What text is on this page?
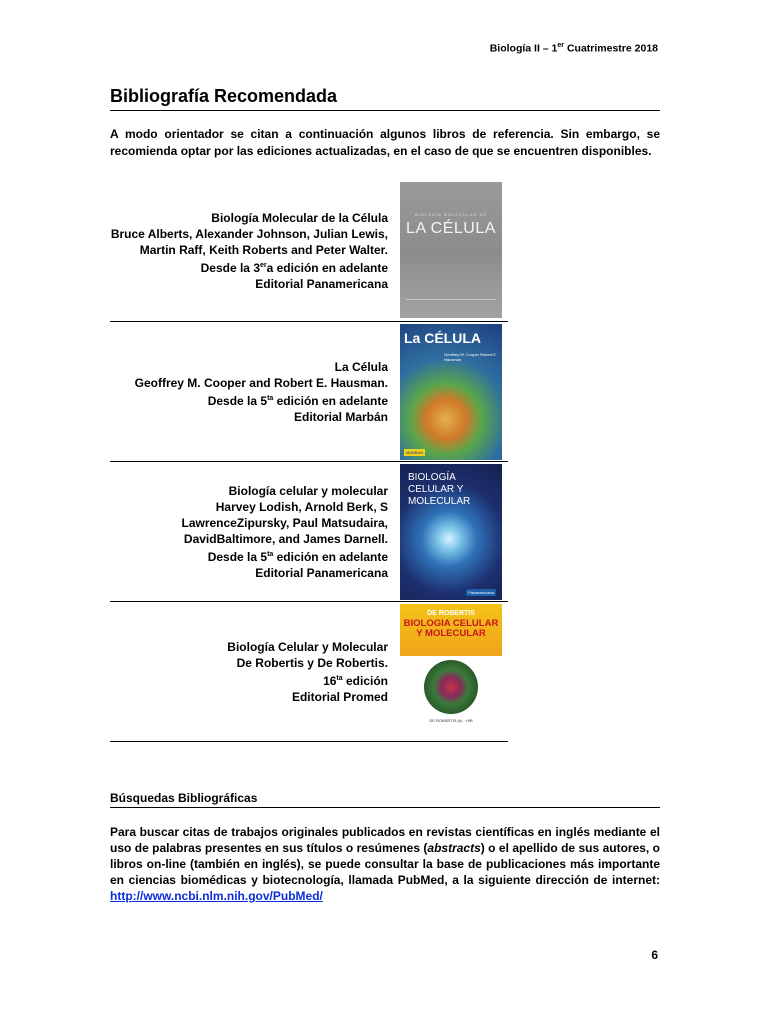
Biología II – 1er Cuatrimestre 2018
Bibliografía Recomendada
A modo orientador se citan a continuación algunos libros de referencia. Sin embargo, se recomienda optar por las ediciones actualizadas, en el caso de que se encuentren disponibles.
Biología Molecular de la Célula
Bruce Alberts, Alexander Johnson, Julian Lewis, Martin Raff, Keith Roberts and Peter Walter.
Desde la 3era edición en adelante
Editorial Panamericana
BIOLOGÍA MOLECULAR DE
LA CÉLULA
La Célula
Geoffrey M. Cooper and Robert E. Hausman.
Desde la $5^{ta}$ edición en adelante
Editorial Marbán
La CÉLULA
Geoffrey M. Cooper Robert E. Hausman
MARBAN
Biología celular y molecular
Harvey Lodish, Arnold Berk, S LawrenceZipursky, Paul Matsudaira, DavidBaltimore, and James Darnell.
Desde la $5^{ta}$ edición en adelante
Editorial Panamericana
BIOLOGÍA CELULAR Y MOLECULAR
Panamericana
Biología Celular y Molecular
De Robertis y De Robertis.
$16^{ta}$ edición
Editorial Promed
DE ROBERTIS
BIOLOGIA CELULAR Y MOLECULAR
DE ROBERTIS (h) · HIB
Búsquedas Bibliográficas
Para buscar citas de trabajos originales publicados en revistas científicas en inglés mediante el uso de palabras presentes en sus títulos o resúmenes (abstracts) o el apellido de sus autores, o libros on-line (también en inglés), se puede consultar la base de publicaciones más importante en ciencias biomédicas y biotecnología, llamada PubMed, a la siguiente dirección de internet: http://www.ncbi.nlm.nih.gov/PubMed/
6
